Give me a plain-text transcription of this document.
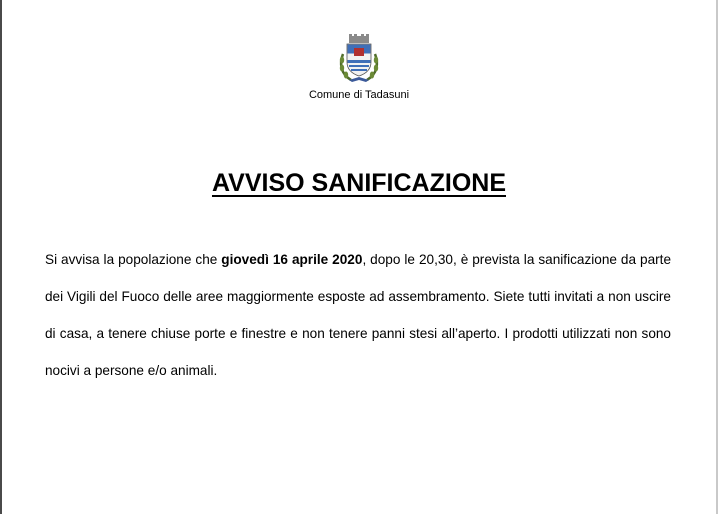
Comune di Tadasuni
AVVISO SANIFICAZIONE

Si avvisa la popolazione che giovedì 16 aprile 2020, dopo le 20,30, è prevista la sanificazione da parte dei Vigili del Fuoco delle aree maggiormente esposte ad assembramento. Siete tutti invitati a non uscire di casa, a tenere chiuse porte e finestre e non tenere panni stesi all’aperto. I prodotti utilizzati non sono nocivi a persone e/o animali.
